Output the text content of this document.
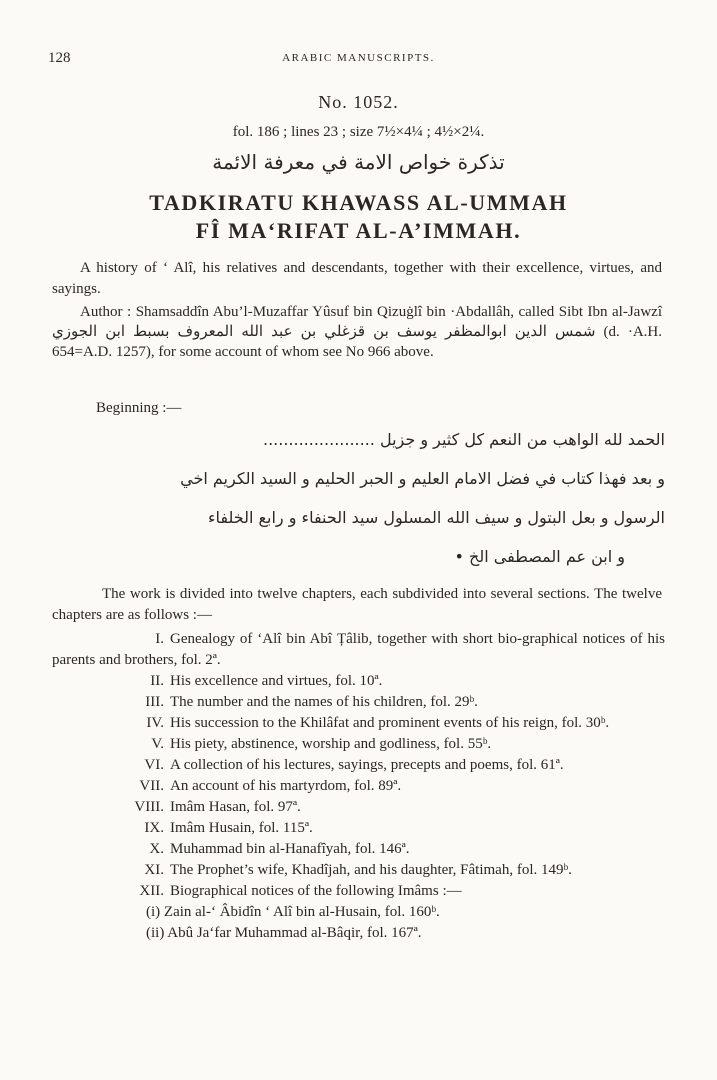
128	ARABIC MANUSCRIPTS.
No. 1052.
fol. 186 ; lines 23 ; size 7½×4¼ ; 4½×2¼.
تذكرة خواص الامة في معرفة الائمة
TADKIRATU KHAWASS AL-UMMAH
FÎ MA‘RIFAT AL-A’IMMAH.
A history of ‘ Alî, his relatives and descendants, together with their excellence, virtues, and sayings.
Author : Shamsaddîn Abu’l-Muzaffar Yûsuf bin Qizuġlî bin ·Abdallâh, called Sibt Ibn al-Jawzî شمس الدين ابوالمظفر يوسف بن قزغلي بن عبد الله المعروف بسبط ابن الجوزي (d. ·A.H. 654=A.D. 1257), for some account of whom see No 966 above.
Beginning :—
الحمد لله الواهب من النعم كل كثير و جزيل ......................
و بعد فهذا كتاب في فضل الامام العليم و الحبر الحليم و السيد الكريم اخي
الرسول و بعل البتول و سيف الله المسلول سيد الحنفاء و رابع الخلفاء
و ابن عم المصطفى الخ •
The work is divided into twelve chapters, each subdivided into several sections. The twelve chapters are as follows :—
I. Genealogy of ‘Alî bin Abî Țâlib, together with short bio-graphical notices of his parents and brothers, fol. 2ª.
II. His excellence and virtues, fol. 10ª.
III. The number and the names of his children, fol. 29ᵇ.
IV. His succession to the Khilâfat and prominent events of his reign, fol. 30ᵇ.
V. His piety, abstinence, worship and godliness, fol. 55ᵇ.
VI. A collection of his lectures, sayings, precepts and poems, fol. 61ª.
VII. An account of his martyrdom, fol. 89ª.
VIII. Imâm Hasan, fol. 97ª.
IX. Imâm Husain, fol. 115ª.
X. Muhammad bin al-Hanafîyah, fol. 146ª.
XI. The Prophet’s wife, Khadîjah, and his daughter, Fâtimah, fol. 149ᵇ.
XII. Biographical notices of the following Imâms :—
(i) Zain al-‘ Âbidîn ‘ Alî bin al-Husain, fol. 160ᵇ.
(ii) Abû Ja‘far Muhammad al-Bâqir, fol. 167ª.
